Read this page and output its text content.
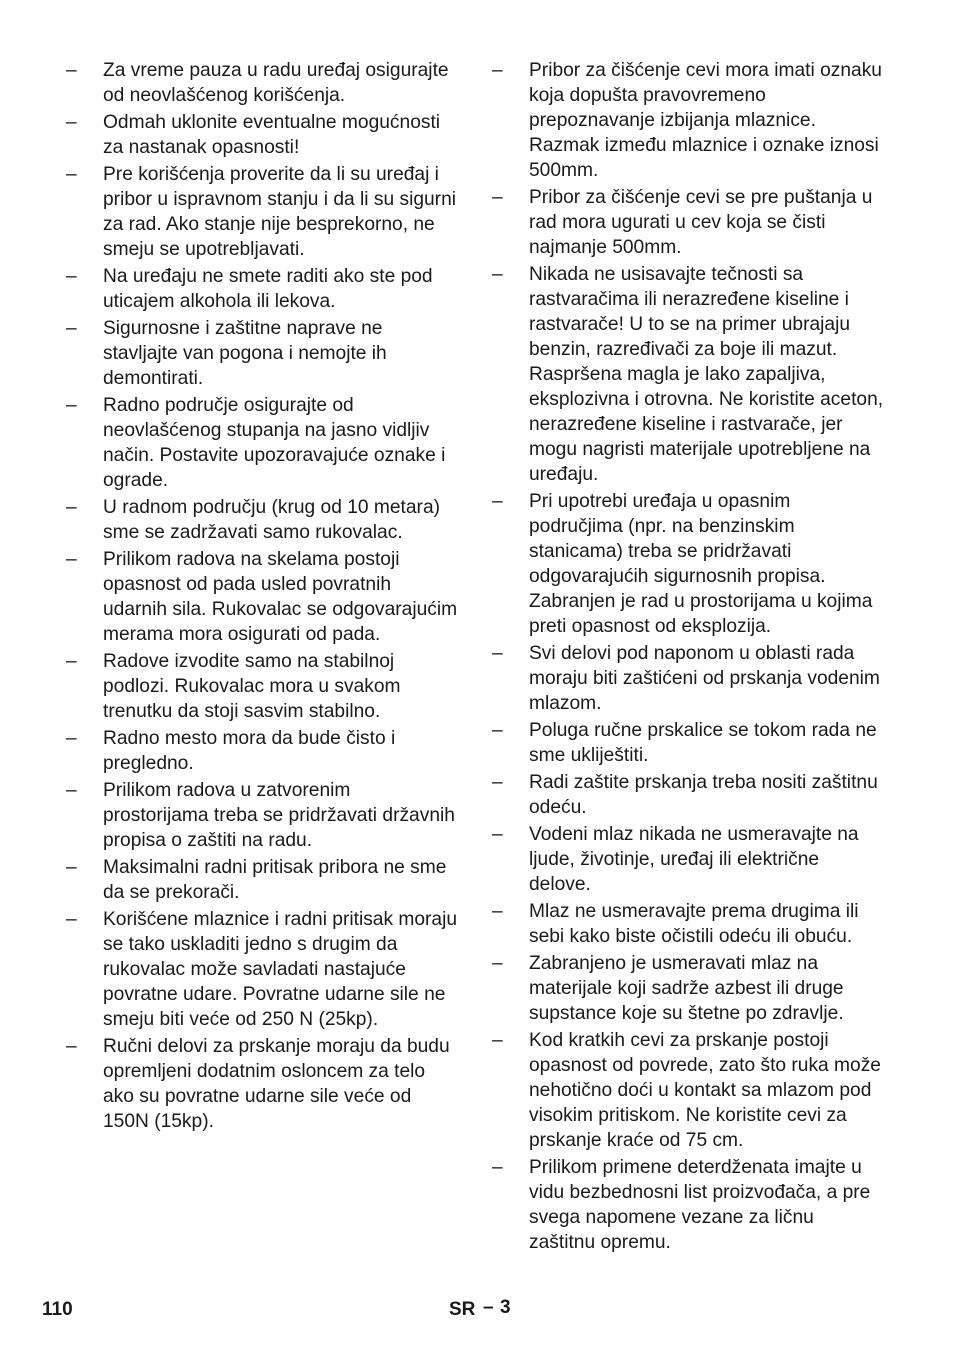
– Za vreme pauza u radu uređaj osigurajte od neovlašćenog korišćenja.
– Odmah uklonite eventualne mogućnosti za nastanak opasnosti!
– Pre korišćenja proverite da li su uređaj i pribor u ispravnom stanju i da li su sigurni za rad. Ako stanje nije besprekorno, ne smeju se upotrebljavati.
– Na uređaju ne smete raditi ako ste pod uticajem alkohola ili lekova.
– Sigurnosne i zaštitne naprave ne stavljajte van pogona i nemojte ih demontirati.
– Radno područje osigurajte od neovlašćenog stupanja na jasno vidljiv način. Postavite upozoravajuće oznake i ograde.
– U radnom području (krug od 10 metara) sme se zadržavati samo rukovalac.
– Prilikom radova na skelama postoji opasnost od pada usled povratnih udarnih sila. Rukovalac se odgovarajućim merama mora osigurati od pada.
– Radove izvodite samo na stabilnoj podlozi. Rukovalac mora u svakom trenutku da stoji sasvim stabilno.
– Radno mesto mora da bude čisto i pregledno.
– Prilikom radova u zatvorenim prostorijama treba se pridržavati državnih propisa o zaštiti na radu.
– Maksimalni radni pritisak pribora ne sme da se prekorači.
– Korišćene mlaznice i radni pritisak moraju se tako uskladiti jedno s drugim da rukovalac može savladati nastajuće povratne udare. Povratne udarne sile ne smeju biti veće od 250 N (25kp).
– Ručni delovi za prskanje moraju da budu opremljeni dodatnim osloncem za telo ako su povratne udarne sile veće od 150N (15kp).
– Pribor za čišćenje cevi mora imati oznaku koja dopušta pravovremeno prepoznavanje izbijanja mlaznice. Razmak između mlaznice i oznake iznosi 500mm.
– Pribor za čišćenje cevi se pre puštanja u rad mora ugurati u cev koja se čisti najmanje 500mm.
– Nikada ne usisavajte tečnosti sa rastvaračima ili nerazređene kiseline i rastvarače! U to se na primer ubrajaju benzin, razređivači za boje ili mazut. Raspršena magla je lako zapaljiva, eksplozivna i otrovna. Ne koristite aceton, nerazređene kiseline i rastvarače, jer mogu nagristi materijale upotrebljene na uređaju.
– Pri upotrebi uređaja u opasnim područjima (npr. na benzinskim stanicama) treba se pridržavati odgovarajućih sigurnosnih propisa. Zabranjen je rad u prostorijama u kojima preti opasnost od eksplozija.
– Svi delovi pod naponom u oblasti rada moraju biti zaštićeni od prskanja vodenim mlazom.
– Poluga ručne prskalice se tokom rada ne sme ukliještiti.
– Radi zaštite prskanja treba nositi zaštitnu odeću.
– Vodeni mlaz nikada ne usmeravajte na ljude, životinje, uređaj ili električne delove.
– Mlaz ne usmeravajte prema drugima ili sebi kako biste očistili odeću ili obuću.
– Zabranjeno je usmeravati mlaz na materijale koji sadrže azbest ili druge supstance koje su štetne po zdravlje.
– Kod kratkih cevi za prskanje postoji opasnost od povrede, zato što ruka može nehotično doći u kontakt sa mlazom pod visokim pritiskom. Ne koristite cevi za prskanje kraće od 75 cm.
– Prilikom primene deterdženata imajte u vidu bezbednosni list proizvođača, a pre svega napomene vezane za ličnu zaštitnu opremu.
110	SR – 3
